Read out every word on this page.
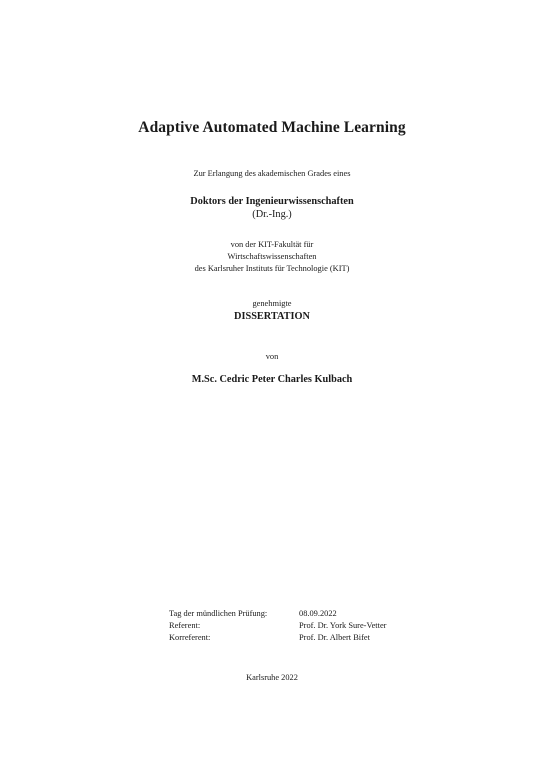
Adaptive Automated Machine Learning
Zur Erlangung des akademischen Grades eines
Doktors der Ingenieurwissenschaften
(Dr.-Ing.)
von der KIT-Fakultät für
Wirtschaftswissenschaften
des Karlsruher Instituts für Technologie (KIT)
genehmigte
DISSERTATION
von
M.Sc. Cedric Peter Charles Kulbach
Tag der mündlichen Prüfung:	08.09.2022
Referent:	Prof. Dr. York Sure-Vetter
Korreferent:	Prof. Dr. Albert Bifet
Karlsruhe 2022
